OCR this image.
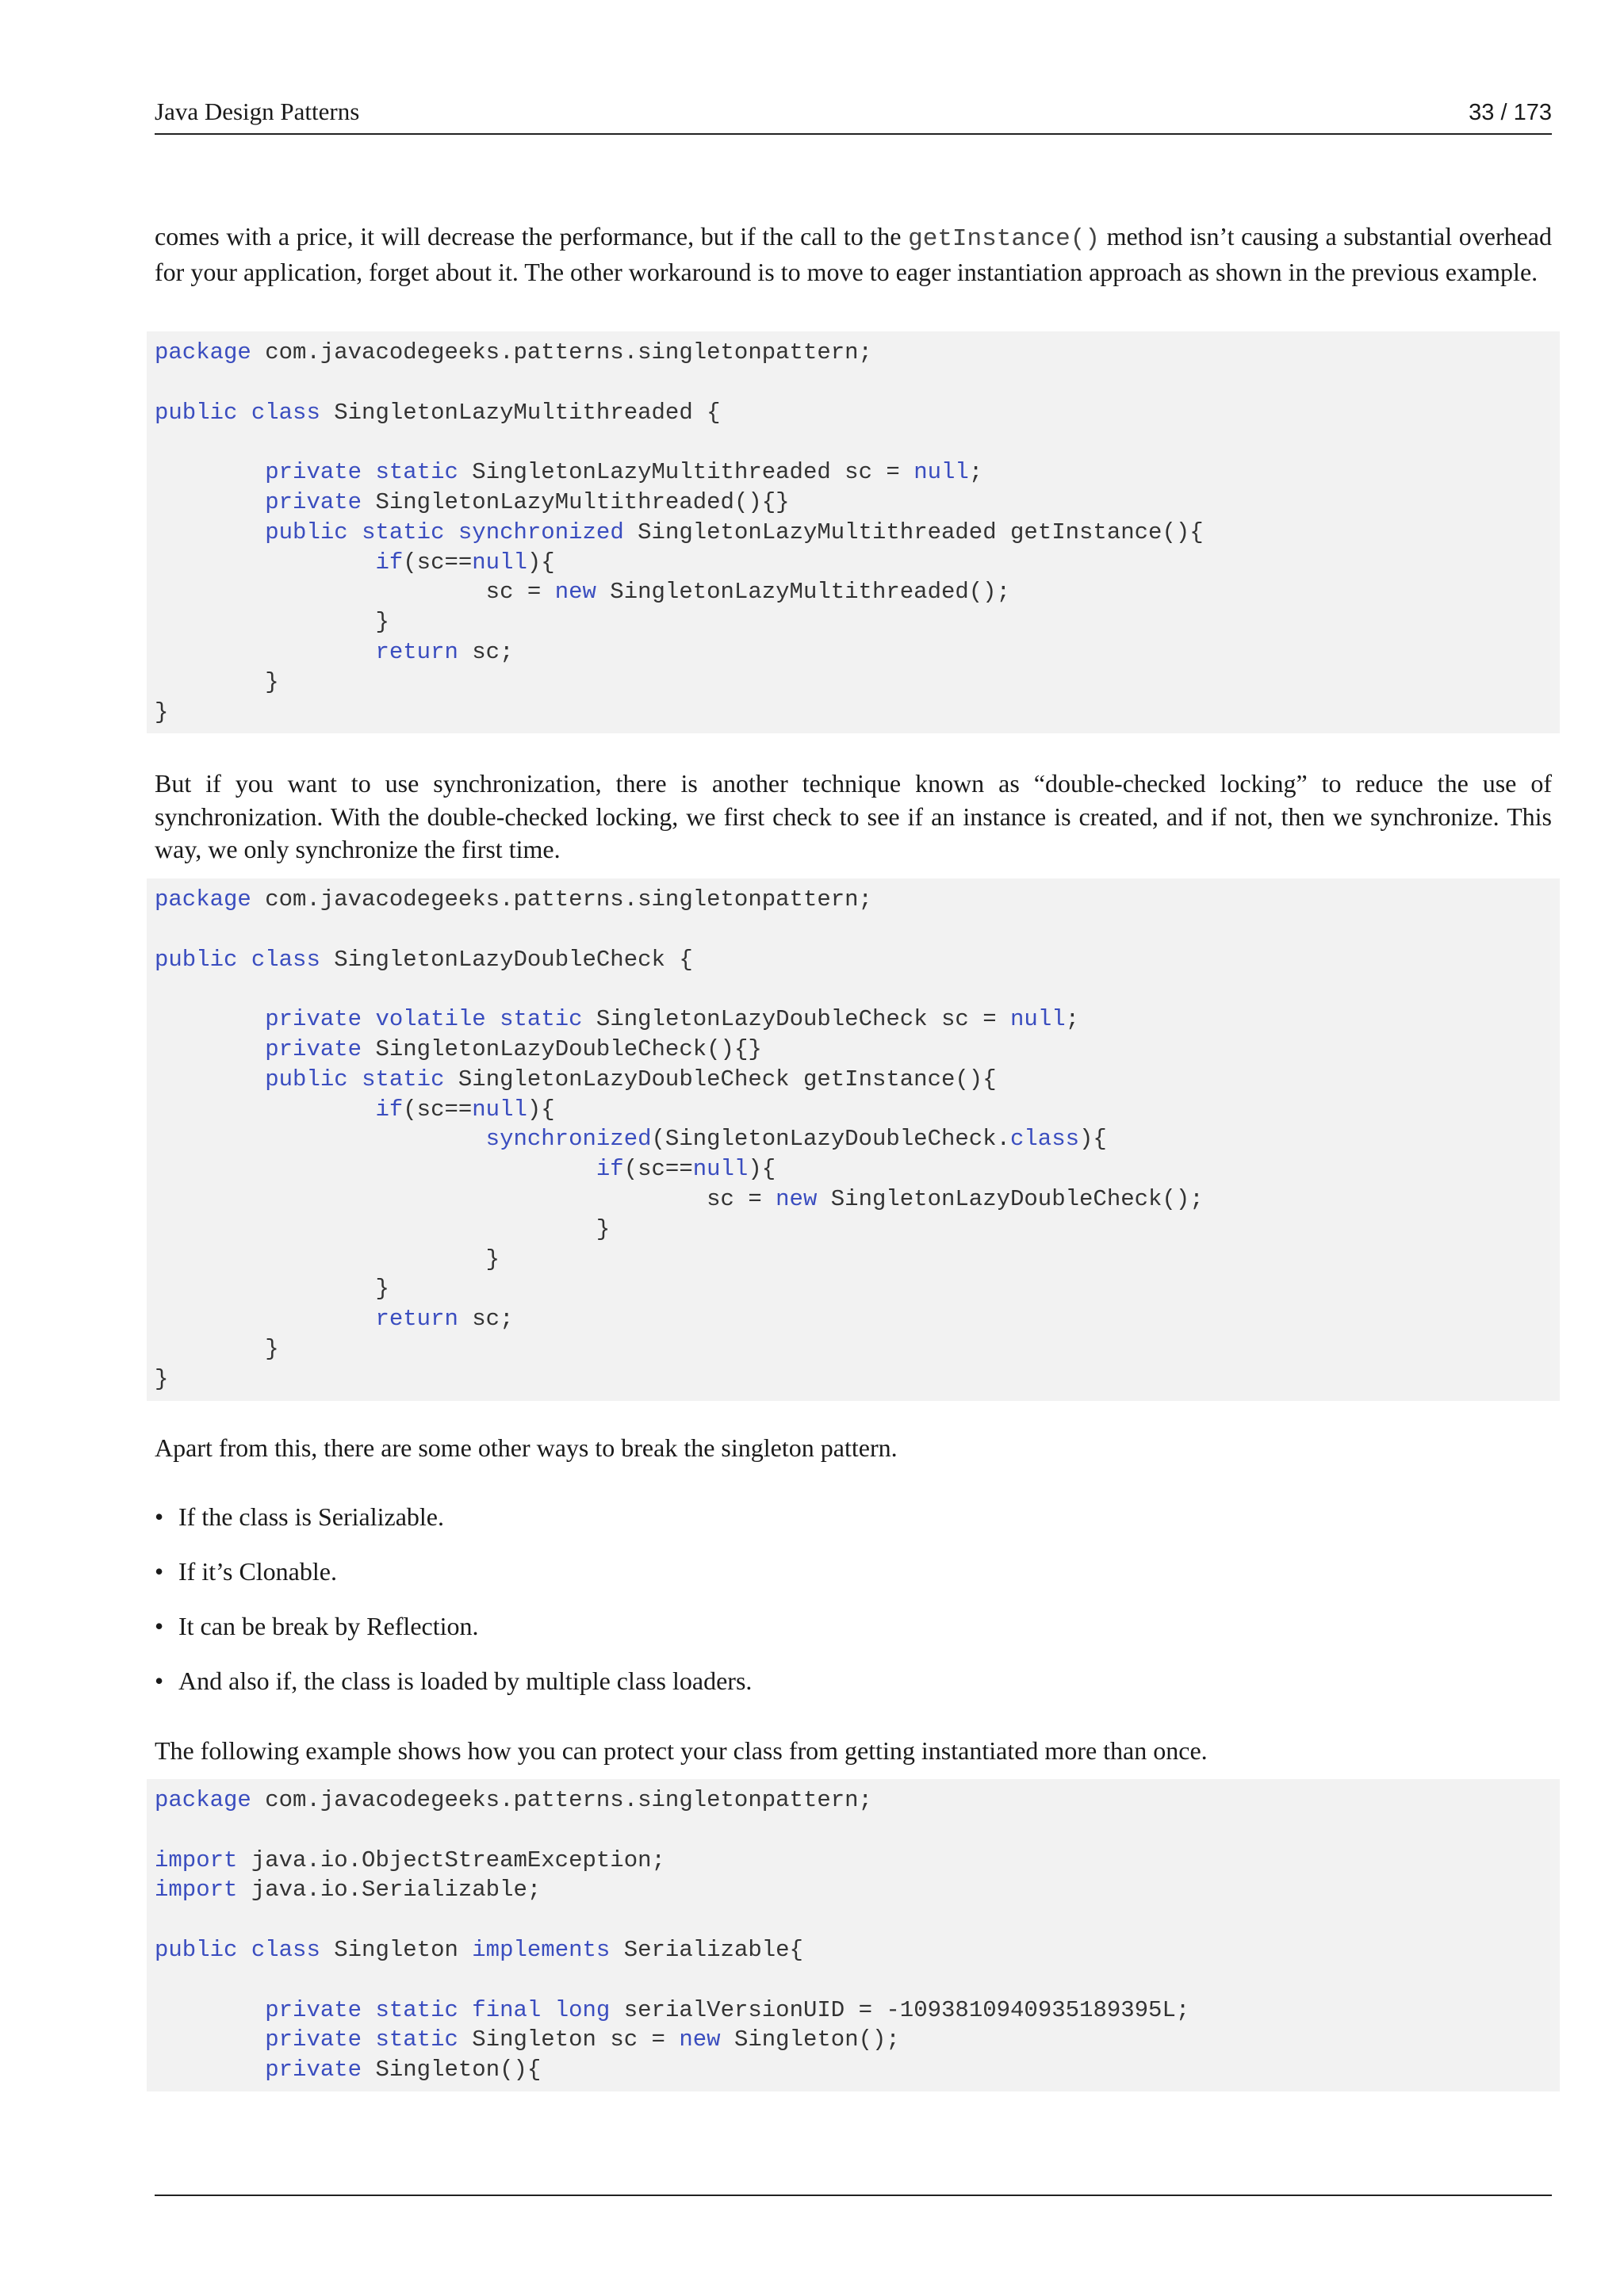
Java Design Patterns	33 / 173

comes with a price, it will decrease the performance, but if the call to the getInstance() method isn’t causing a substantial overhead for your application, forget about it. The other workaround is to move to eager instantiation approach as shown in the previous example.

package com.javacodegeeks.patterns.singletonpattern;
public class SingletonLazyMultithreaded {
private static SingletonLazyMultithreaded sc = null;
private SingletonLazyMultithreaded(){}
public static synchronized SingletonLazyMultithreaded getInstance(){
if(sc==null){
sc = new SingletonLazyMultithreaded();
}
return sc;
}
}

But if you want to use synchronization, there is another technique known as “double-checked locking” to reduce the use of synchronization. With the double-checked locking, we first check to see if an instance is created, and if not, then we synchronize. This way, we only synchronize the first time.

package com.javacodegeeks.patterns.singletonpattern;
public class SingletonLazyDoubleCheck {
private volatile static SingletonLazyDoubleCheck sc = null;
private SingletonLazyDoubleCheck(){}
public static SingletonLazyDoubleCheck getInstance(){
if(sc==null){
synchronized(SingletonLazyDoubleCheck.class){
if(sc==null){
sc = new SingletonLazyDoubleCheck();
}
}
}
return sc;
}
}

Apart from this, there are some other ways to break the singleton pattern.

• If the class is Serializable.
• If it’s Clonable.
• It can be break by Reflection.
• And also if, the class is loaded by multiple class loaders.

The following example shows how you can protect your class from getting instantiated more than once.

package com.javacodegeeks.patterns.singletonpattern;
import java.io.ObjectStreamException;
import java.io.Serializable;
public class Singleton implements Serializable{
private static final long serialVersionUID = -1093810940935189395L;
private static Singleton sc = new Singleton();
private Singleton(){
